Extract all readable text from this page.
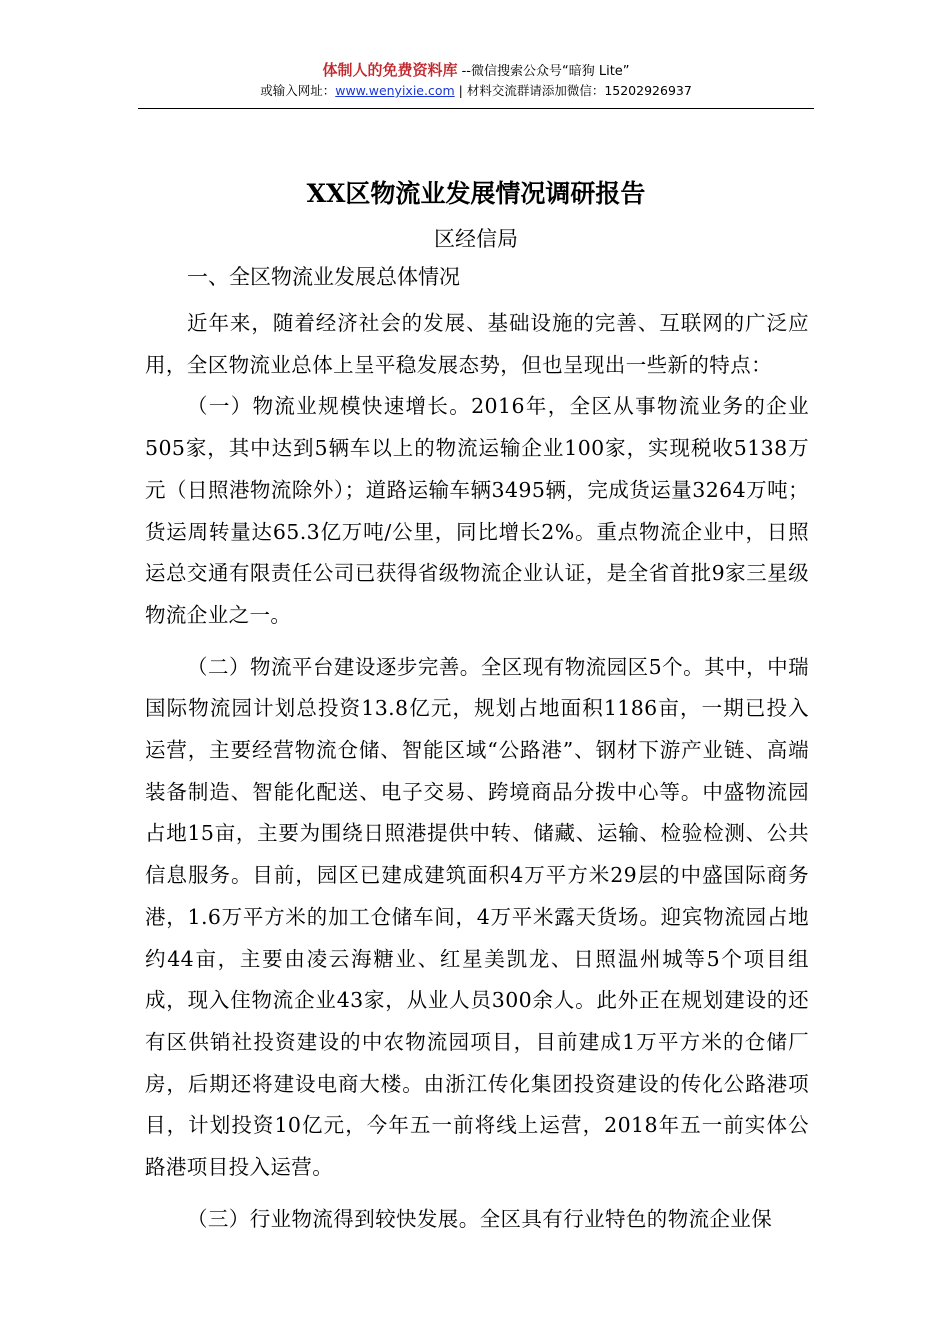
体制人的免费资料库 --微信搜索公众号“暗狗 Lite”
或输入网址：www.wenyixie.com | 材料交流群请添加微信：15202926937
XX区物流业发展情况调研报告
区经信局
一、全区物流业发展总体情况

近年来，随着经济社会的发展、基础设施的完善、互联网的广泛应用，全区物流业总体上呈平稳发展态势，但也呈现出一些新的特点：

（一）物流业规模快速增长。2016年，全区从事物流业务的企业505家，其中达到5辆车以上的物流运输企业100家，实现税收5138万元（日照港物流除外）；道路运输车辆3495辆，完成货运量3264万吨；货运周转量达65.3亿万吨/公里，同比增长2%。重点物流企业中，日照运总交通有限责任公司已获得省级物流企业认证，是全省首批9家三星级物流企业之一。

（二）物流平台建设逐步完善。全区现有物流园区5个。其中，中瑞国际物流园计划总投资13.8亿元，规划占地面积1186亩，一期已投入运营，主要经营物流仓储、智能区域“公路港”、钢材下游产业链、高端装备制造、智能化配送、电子交易、跨境商品分拨中心等。中盛物流园占地15亩，主要为围绕日照港提供中转、储藏、运输、检验检测、公共信息服务。目前，园区已建成建筑面积4万平方米29层的中盛国际商务港，1.6万平方米的加工仓储车间，4万平米露天货场。迎宾物流园占地约44亩，主要由凌云海糖业、红星美凯龙、日照温州城等5个项目组成，现入住物流企业43家，从业人员300余人。此外正在规划建设的还有区供销社投资建设的中农物流园项目，目前建成1万平方米的仓储厂房，后期还将建设电商大楼。由浙江传化集团投资建设的传化公路港项目，计划投资10亿元，今年五一前将线上运营，2018年五一前实体公路港项目投入运营。

（三）行业物流得到较快发展。全区具有行业特色的物流企业保
